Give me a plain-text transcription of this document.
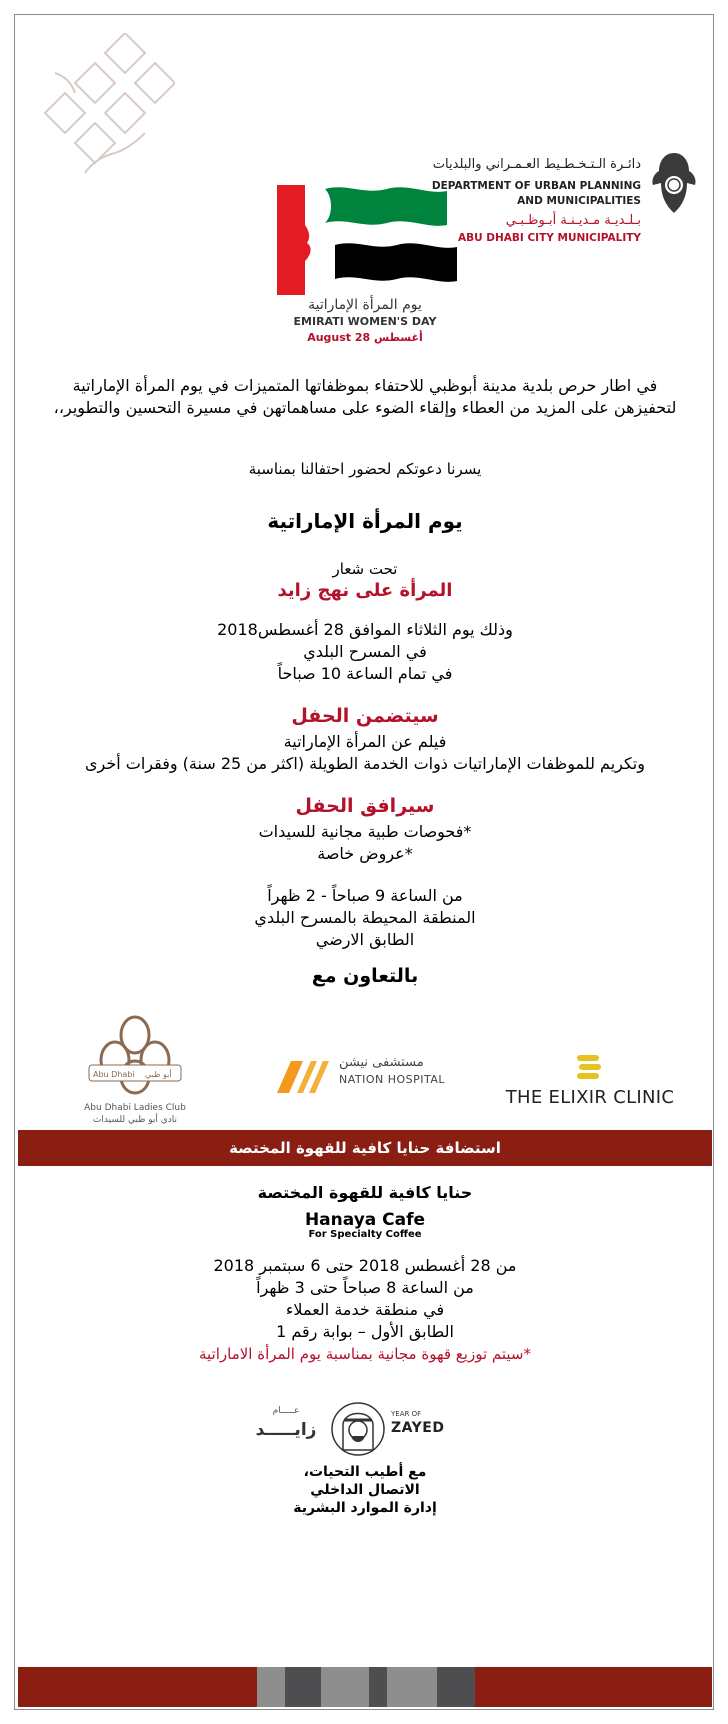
دائـرة الـتـخـطـيط العـمـراني والبلديات
DEPARTMENT OF URBAN PLANNING
AND MUNICIPALITIES
بـلـديـة مـديـنـة أبـوظـبـي
ABU DHABI CITY MUNICIPALITY
يوم المرأة الإماراتية
EMIRATI WOMEN'S DAY
August 28 أغسطس
في اطار حرص بلدية مدينة أبوظبي للاحتفاء بموظفاتها المتميزات في يوم المرأة الإماراتية لتحفيزهن على المزيد من العطاء وإلقاء الضوء على مساهماتهن في مسيرة التحسين والتطوير،،
يسرنا دعوتكم لحضور احتفالنا بمناسبة
يوم المرأة الإماراتية
تحت شعار
المرأة على نهج زايد
وذلك يوم الثلاثاء الموافق 28 أغسطس2018
في المسرح البلدي
في تمام الساعة 10 صباحاً
سيتضمن الحفل
فيلم عن المرأة الإماراتية
وتكريم للموظفات الإماراتيات ذوات الخدمة الطويلة (اكثر من 25 سنة) وفقرات أخرى
سيرافق الحفل
*فحوصات طبية مجانية للسيدات
*عروض خاصة
من الساعة 9 صباحاً - 2 ظهراً
المنطقة المحيطة بالمسرح البلدي
الطابق الارضي
بالتعاون مع
Abu Dhabi أبو ظبي
Abu Dhabi Ladies Club
نادي أبو ظبي للسيدات
مستشفى نيشن
NATION HOSPITAL
THE ELIXIR CLINIC
استضافة حنايا كافية للقهوة المختصة
حنايا كافية للقهوة المختصة
Hanaya Cafe
For Specialty Coffee
من 28 أغسطس 2018 حتى 6 سبتمبر 2018
من الساعة 8 صباحاً حتى 3 ظهراً
في منطقة خدمة العملاء
الطابق الأول – بوابة رقم 1
*سيتم توزيع قهوة مجانية بمناسبة يوم المرأة الاماراتية
عـــــام
زايـــــد
YEAR OF
ZAYED
مع أطيب التحيات،
الاتصال الداخلي
إدارة الموارد البشرية
